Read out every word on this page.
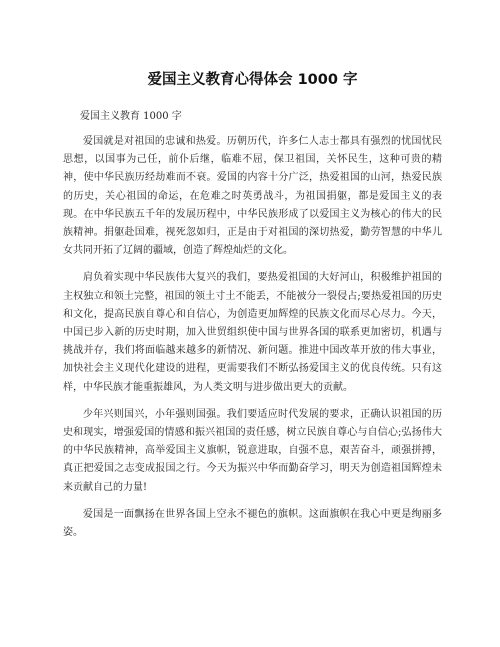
爱国主义教育心得体会 1000 字
爱国主义教育 1000 字

爱国就是对祖国的忠诚和热爱。历朝历代，许多仁人志士都具有强烈的忧国忧民思想，以国事为己任，前仆后继，临难不屈，保卫祖国，关怀民生，这种可贵的精神，使中华民族历经劫难而不衰。爱国的内容十分广泛，热爱祖国的山河，热爱民族的历史，关心祖国的命运，在危难之时英勇战斗，为祖国捐躯，都是爱国主义的表现。在中华民族五千年的发展历程中，中华民族形成了以爱国主义为核心的伟大的民族精神。捐躯赴国难，视死忽如归，正是由于对祖国的深切热爱，勤劳智慧的中华儿女共同开拓了辽阔的疆域，创造了辉煌灿烂的文化。

肩负着实现中华民族伟大复兴的我们，要热爱祖国的大好河山，积极维护祖国的主权独立和领土完整，祖国的领土寸土不能丢，不能被分一裂侵占;要热爱祖国的历史和文化，提高民族自尊心和自信心，为创造更加辉煌的民族文化而尽心尽力。今天，中国已步入新的历史时期，加入世贸组织使中国与世界各国的联系更加密切，机遇与挑战并存，我们将面临越来越多的新情况、新问题。推进中国改革开放的伟大事业，加快社会主义现代化建设的进程，更需要我们不断弘扬爱国主义的优良传统。只有这样，中华民族才能重振雄风，为人类文明与进步做出更大的贡献。

少年兴则国兴，小年强则国强。我们要适应时代发展的要求，正确认识祖国的历史和现实，增强爱国的情感和振兴祖国的责任感，树立民族自尊心与自信心;弘扬伟大的中华民族精神，高举爱国主义旗帜，锐意进取，自强不息，艰苦奋斗，顽强拼搏，真正把爱国之志变成报国之行。今天为振兴中华而勤奋学习，明天为创造祖国辉煌未来贡献自己的力量!

爱国是一面飘扬在世界各国上空永不褪色的旗帜。这面旗帜在我心中更是绚丽多姿。
